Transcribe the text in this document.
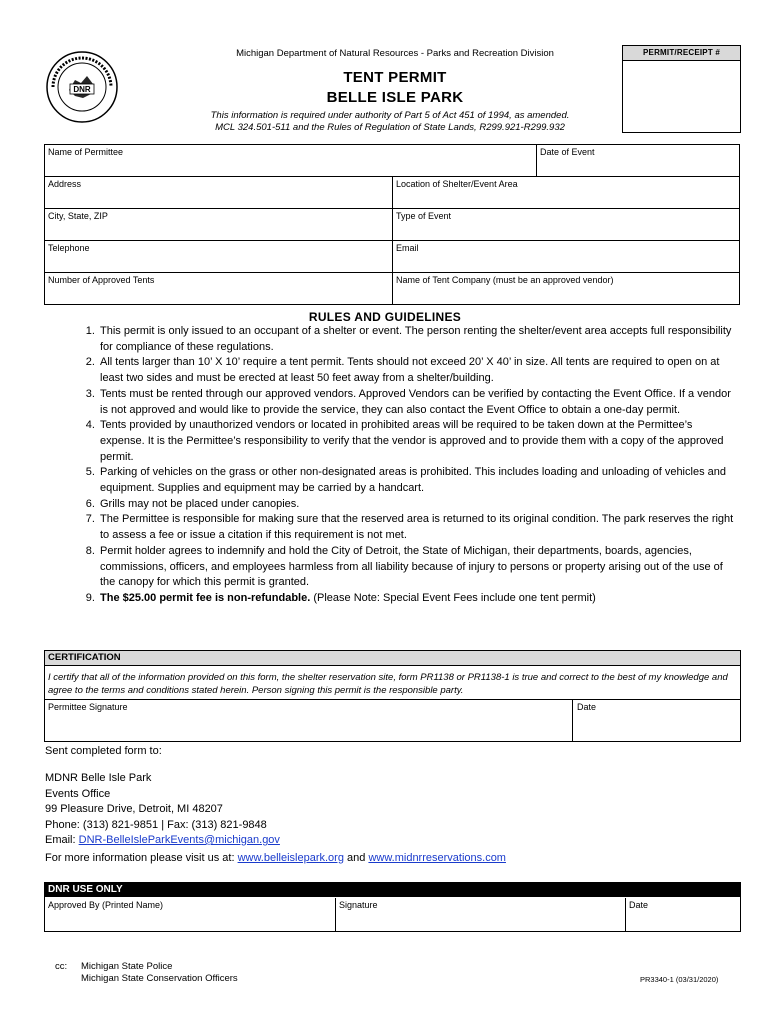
DNR
Michigan Department of Natural Resources - Parks and Recreation Division
TENT PERMIT
BELLE ISLE PARK
This information is required under authority of Part 5 of Act 451 of 1994, as amended.
MCL 324.501-511 and the Rules of Regulation of State Lands, R299.921-R299.932
PERMIT/RECEIPT #
Name of Permittee		Date of Event
Address	Location of Shelter/Event Area	
City, State, ZIP	Type of Event	
Telephone	Email	
Number of Approved Tents	Name of Tent Company (must be an approved vendor)	
RULES AND GUIDELINES
1. This permit is only issued to an occupant of a shelter or event. The person renting the shelter/event area accepts full responsibility for compliance of these regulations.
2. All tents larger than 10’ X 10’ require a tent permit. Tents should not exceed 20’ X 40’ in size. All tents are required to open on at least two sides and must be erected at least 50 feet away from a shelter/building.
3. Tents must be rented through our approved vendors. Approved Vendors can be verified by contacting the Event Office. If a vendor is not approved and would like to provide the service, they can also contact the Event Office to obtain a one-day permit.
4. Tents provided by unauthorized vendors or located in prohibited areas will be required to be taken down at the Permittee’s expense. It is the Permittee’s responsibility to verify that the vendor is approved and to provide them with a copy of the approved permit.
5. Parking of vehicles on the grass or other non-designated areas is prohibited. This includes loading and unloading of vehicles and equipment. Supplies and equipment may be carried by a handcart.
6. Grills may not be placed under canopies.
7. The Permittee is responsible for making sure that the reserved area is returned to its original condition. The park reserves the right to assess a fee or issue a citation if this requirement is not met.
8. Permit holder agrees to indemnify and hold the City of Detroit, the State of Michigan, their departments, boards, agencies, commissions, officers, and employees harmless from all liability because of injury to persons or property arising out of the use of the canopy for which this permit is granted.
9. The $25.00 permit fee is non-refundable. (Please Note: Special Event Fees include one tent permit)
CERTIFICATION
I certify that all of the information provided on this form, the shelter reservation site, form PR1138 or PR1138-1 is true and correct to the best of my knowledge and agree to the terms and conditions stated herein. Person signing this permit is the responsible party.
Permittee Signature	Date
Sent completed form to:
MDNR Belle Isle Park
Events Office
99 Pleasure Drive, Detroit, MI 48207
Phone: (313) 821-9851 | Fax: (313) 821-9848
Email: DNR-BelleIsleParkEvents@michigan.gov
For more information please visit us at: www.belleislepark.org and www.midnrreservations.com
DNR USE ONLY
Approved By (Printed Name)	Signature	Date
cc:	Michigan State Police
Michigan State Conservation Officers	PR3340-1 (03/31/2020)
